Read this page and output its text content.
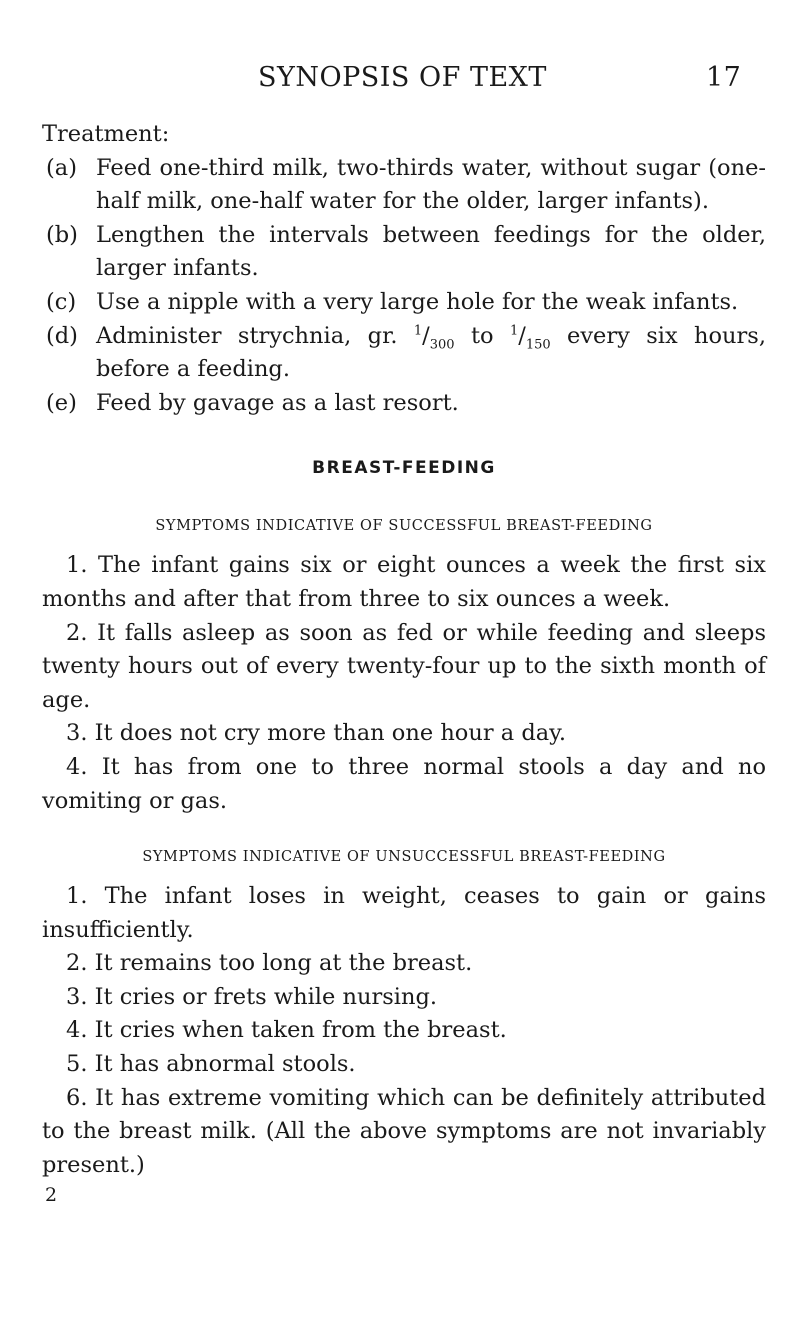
SYNOPSIS OF TEXT	17

Treatment:

(a) Feed one-third milk, two-thirds water, without sugar (one-half milk, one-half water for the older, larger infants).
(b) Lengthen the intervals between feedings for the older, larger infants.
(c) Use a nipple with a very large hole for the weak infants.
(d) Administer strychnia, gr. $^1/_{300}$ to $^1/_{150}$ every six hours, before a feeding.
(e) Feed by gavage as a last resort.

BREAST-FEEDING

SYMPTOMS INDICATIVE OF SUCCESSFUL BREAST-FEEDING

1. The infant gains six or eight ounces a week the first six months and after that from three to six ounces a week.

2. It falls asleep as soon as fed or while feeding and sleeps twenty hours out of every twenty-four up to the sixth month of age.

3. It does not cry more than one hour a day.

4. It has from one to three normal stools a day and no vomiting or gas.

SYMPTOMS INDICATIVE OF UNSUCCESSFUL BREAST-FEEDING

1. The infant loses in weight, ceases to gain or gains insufficiently.

2. It remains too long at the breast.

3. It cries or frets while nursing.

4. It cries when taken from the breast.

5. It has abnormal stools.

6. It has extreme vomiting which can be definitely attributed to the breast milk. (All the above symptoms are not invariably present.)

2
